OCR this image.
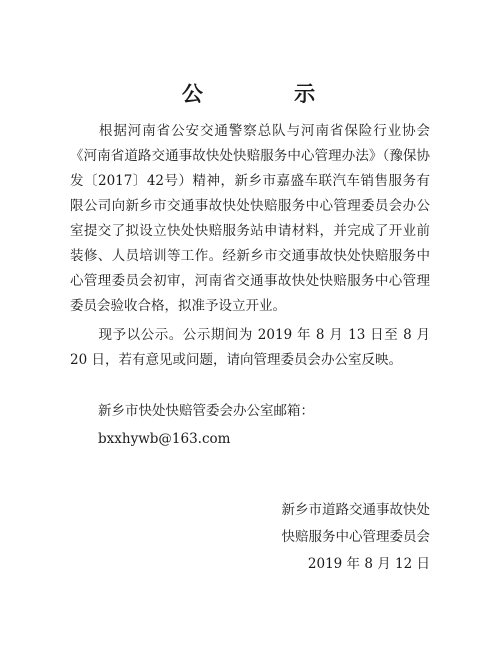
公 示
根据河南省公安交通警察总队与河南省保险行业协会《河南省道路交通事故快处快赔服务中心管理办法》（豫保协发〔2017〕42号）精神，新乡市嘉盛车联汽车销售服务有限公司向新乡市交通事故快处快赔服务中心管理委员会办公室提交了拟设立快处快赔服务站申请材料，并完成了开业前装修、人员培训等工作。经新乡市交通事故快处快赔服务中心管理委员会初审，河南省交通事故快处快赔服务中心管理委员会验收合格，拟准予设立开业。
现予以公示。公示期间为 2019 年 8 月 13 日至 8 月 20 日，若有意见或问题，请向管理委员会办公室反映。
新乡市快处快赔管委会办公室邮箱：
bxxhywb@163.com
新乡市道路交通事故快处
快赔服务中心管理委员会
2019 年 8 月 12 日
